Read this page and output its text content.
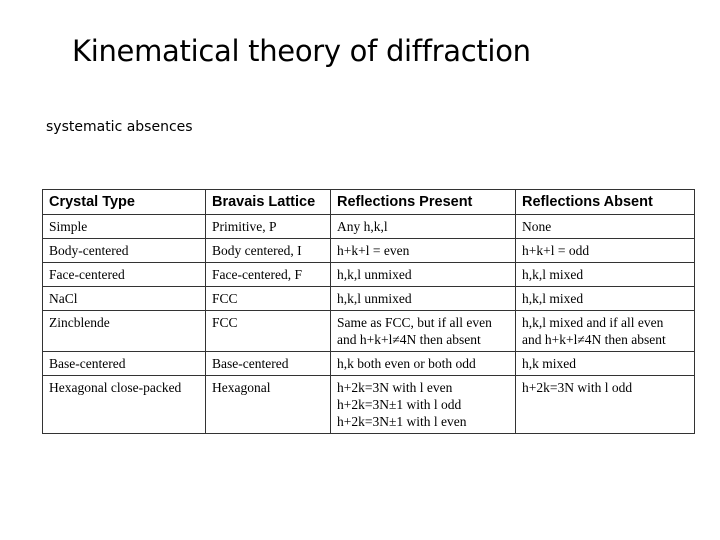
Kinematical theory of diffraction
systematic absences
Crystal Type	Bravais Lattice	Reflections Present	Reflections Absent

Simple	Primitive, P	Any h,k,l	None

Body-centered	Body centered, I	h+k+l = even	h+k+l = odd

Face-centered	Face-centered, F	h,k,l unmixed	h,k,l mixed

NaCl	FCC	h,k,l unmixed	h,k,l mixed

Zincblende	FCC	Same as FCC, but if all even
and h+k+l≠4N then absent	h,k,l mixed and if all even
and h+k+l≠4N then absent

Base-centered	Base-centered	h,k both even or both odd	h,k mixed

Hexagonal close-packed	Hexagonal	h+2k=3N with l even
h+2k=3N±1 with l odd
h+2k=3N±1 with l even	h+2k=3N with l odd
